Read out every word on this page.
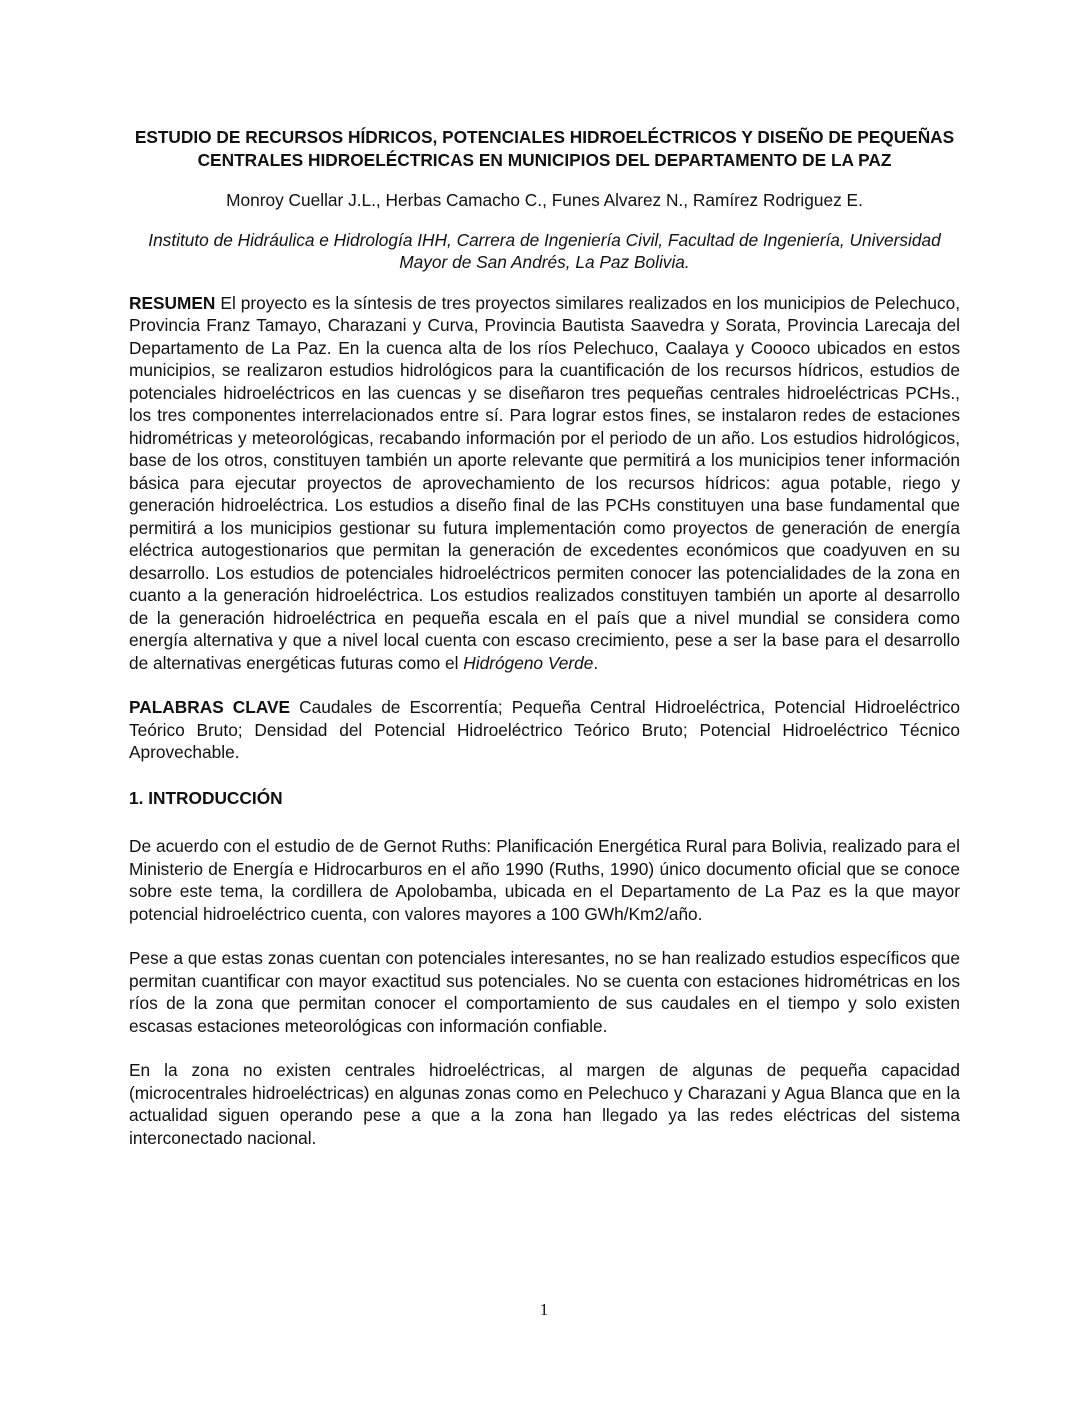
ESTUDIO DE RECURSOS HÍDRICOS, POTENCIALES HIDROELÉCTRICOS Y DISEÑO DE PEQUEÑAS CENTRALES HIDROELÉCTRICAS EN MUNICIPIOS DEL DEPARTAMENTO DE LA PAZ

Monroy Cuellar J.L., Herbas Camacho C., Funes Alvarez N., Ramírez Rodriguez E.

Instituto de Hidráulica e Hidrología IHH, Carrera de Ingeniería Civil, Facultad de Ingeniería, Universidad Mayor de San Andrés, La Paz Bolivia.

RESUMEN El proyecto es la síntesis de tres proyectos similares realizados en los municipios de Pelechuco, Provincia Franz Tamayo, Charazani y Curva, Provincia Bautista Saavedra y Sorata, Provincia Larecaja del Departamento de La Paz. En la cuenca alta de los ríos Pelechuco, Caalaya y Coooco ubicados en estos municipios, se realizaron estudios hidrológicos para la cuantificación de los recursos hídricos, estudios de potenciales hidroeléctricos en las cuencas y se diseñaron tres pequeñas centrales hidroeléctricas PCHs., los tres componentes interrelacionados entre sí. Para lograr estos fines, se instalaron redes de estaciones hidrométricas y meteorológicas, recabando información por el periodo de un año. Los estudios hidrológicos, base de los otros, constituyen también un aporte relevante que permitirá a los municipios tener información básica para ejecutar proyectos de aprovechamiento de los recursos hídricos: agua potable, riego y generación hidroeléctrica. Los estudios a diseño final de las PCHs constituyen una base fundamental que permitirá a los municipios gestionar su futura implementación como proyectos de generación de energía eléctrica autogestionarios que permitan la generación de excedentes económicos que coadyuven en su desarrollo. Los estudios de potenciales hidroeléctricos permiten conocer las potencialidades de la zona en cuanto a la generación hidroeléctrica. Los estudios realizados constituyen también un aporte al desarrollo de la generación hidroeléctrica en pequeña escala en el país que a nivel mundial se considera como energía alternativa y que a nivel local cuenta con escaso crecimiento, pese a ser la base para el desarrollo de alternativas energéticas futuras como el Hidrógeno Verde.

PALABRAS CLAVE Caudales de Escorrentía; Pequeña Central Hidroeléctrica, Potencial Hidroeléctrico Teórico Bruto; Densidad del Potencial Hidroeléctrico Teórico Bruto; Potencial Hidroeléctrico Técnico Aprovechable.

1. INTRODUCCIÓN

De acuerdo con el estudio de de Gernot Ruths: Planificación Energética Rural para Bolivia, realizado para el Ministerio de Energía e Hidrocarburos en el año 1990 (Ruths, 1990) único documento oficial que se conoce sobre este tema, la cordillera de Apolobamba, ubicada en el Departamento de La Paz es la que mayor potencial hidroeléctrico cuenta, con valores mayores a 100 GWh/Km2/año.

Pese a que estas zonas cuentan con potenciales interesantes, no se han realizado estudios específicos que permitan cuantificar con mayor exactitud sus potenciales. No se cuenta con estaciones hidrométricas en los ríos de la zona que permitan conocer el comportamiento de sus caudales en el tiempo y solo existen escasas estaciones meteorológicas con información confiable.

En la zona no existen centrales hidroeléctricas, al margen de algunas de pequeña capacidad (microcentrales hidroeléctricas) en algunas zonas como en Pelechuco y Charazani y Agua Blanca que en la actualidad siguen operando pese a que a la zona han llegado ya las redes eléctricas del sistema interconectado nacional.

1
